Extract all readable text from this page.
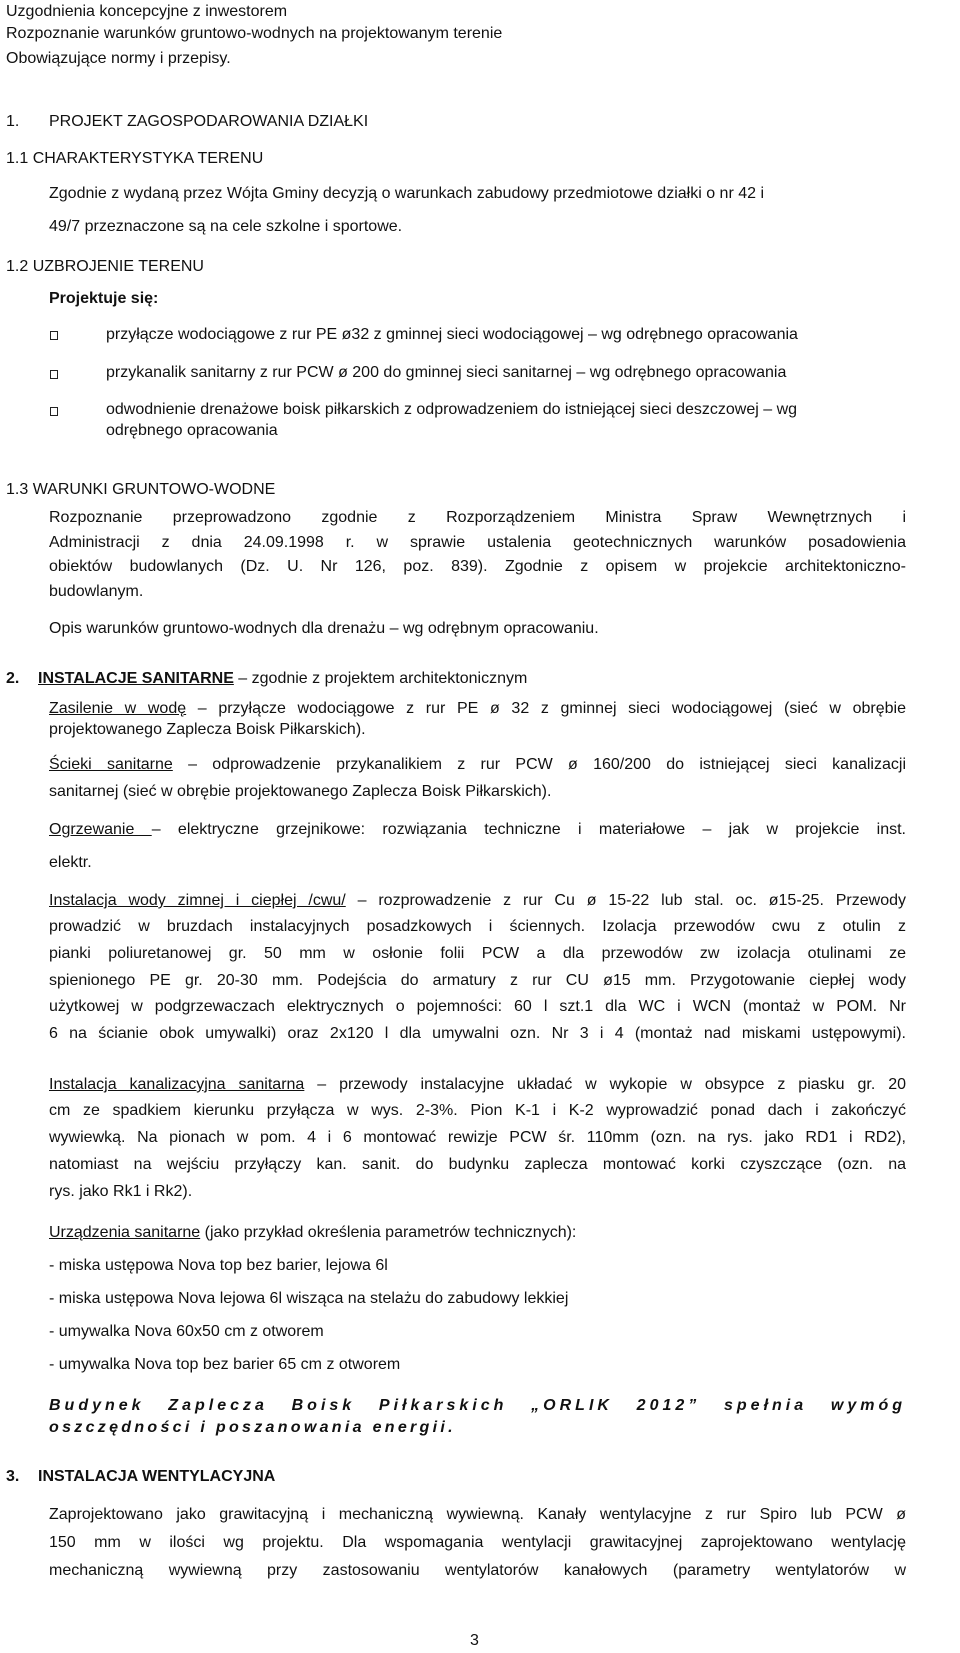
Uzgodnienia koncepcyjne z inwestorem
Rozpoznanie warunków gruntowo-wodnych na projektowanym terenie
Obowiązujące normy i przepisy.
1. PROJEKT ZAGOSPODAROWANIA DZIAŁKI
1.1 CHARAKTERYSTYKA TERENU
Zgodnie z wydaną przez Wójta Gminy decyzją o warunkach zabudowy przedmiotowe działki o nr 42 i
49/7 przeznaczone są na cele szkolne i sportowe.
1.2 UZBROJENIE TERENU
Projektuje się:
przyłącze wodociągowe z rur PE ø32 z gminnej sieci wodociągowej – wg odrębnego opracowania
przykanalik sanitarny z rur PCW ø 200 do gminnej sieci sanitarnej – wg odrębnego opracowania
odwodnienie drenażowe boisk piłkarskich z odprowadzeniem do istniejącej sieci deszczowej – wg
odrębnego opracowania
1.3 WARUNKI GRUNTOWO-WODNE
Rozpoznanie przeprowadzono zgodnie z Rozporządzeniem Ministra Spraw Wewnętrznych i
Administracji z dnia 24.09.1998 r. w sprawie ustalenia geotechnicznych warunków posadowienia
obiektów budowlanych (Dz. U. Nr 126, poz. 839). Zgodnie z opisem w projekcie architektoniczno-
budowlanym.
Opis warunków gruntowo-wodnych dla drenażu – wg odrębnym opracowaniu.
2. INSTALACJE SANITARNE – zgodnie z projektem architektonicznym
Zasilenie w wodę – przyłącze wodociągowe z rur PE ø 32 z gminnej sieci wodociągowej (sieć w obrębie
projektowanego Zaplecza Boisk Piłkarskich).
Ścieki sanitarne – odprowadzenie przykanalikiem z rur PCW ø 160/200 do istniejącej sieci kanalizacji
sanitarnej (sieć w obrębie projektowanego Zaplecza Boisk Piłkarskich).
Ogrzewanie – elektryczne grzejnikowe: rozwiązania techniczne i materiałowe – jak w projekcie inst.
elektr.
Instalacja wody zimnej i ciepłej /cwu/ – rozprowadzenie z rur Cu ø 15-22 lub stal. oc. ø15-25. Przewody
prowadzić w bruzdach instalacyjnych posadzkowych i ściennych. Izolacja przewodów cwu z otulin z
pianki poliuretanowej gr. 50 mm w osłonie folii PCW a dla przewodów zw izolacja otulinami ze
spienionego PE gr. 20-30 mm. Podejścia do armatury z rur CU ø15 mm. Przygotowanie ciepłej wody
użytkowej w podgrzewaczach elektrycznych o pojemności: 60 l szt.1 dla WC i WCN (montaż w POM. Nr
6 na ścianie obok umywalki) oraz 2x120 l dla umywalni ozn. Nr 3 i 4 (montaż nad miskami ustępowymi).
Instalacja kanalizacyjna sanitarna – przewody instalacyjne układać w wykopie w obsypce z piasku gr. 20
cm ze spadkiem kierunku przyłącza w wys. 2-3%. Pion K-1 i K-2 wyprowadzić ponad dach i zakończyć
wywiewką. Na pionach w pom. 4 i 6 montować rewizje PCW śr. 110mm (ozn. na rys. jako RD1 i RD2),
natomiast na wejściu przyłączy kan. sanit. do budynku zaplecza montować korki czyszczące (ozn. na
rys. jako Rk1 i Rk2).
Urządzenia sanitarne (jako przykład określenia parametrów technicznych):
- miska ustępowa Nova top bez barier, lejowa 6l
- miska ustępowa Nova lejowa 6l wisząca na stelażu do zabudowy lekkiej
- umywalka Nova 60x50 cm z otworem
- umywalka Nova top bez barier 65 cm z otworem
Budynek Zaplecza Boisk Piłkarskich „ORLIK 2012” spełnia wymóg
oszczędności i poszanowania energii.
3. INSTALACJA WENTYLACYJNA
Zaprojektowano jako grawitacyjną i mechaniczną wywiewną. Kanały wentylacyjne z rur Spiro lub PCW ø
150 mm w ilości wg projektu. Dla wspomagania wentylacji grawitacyjnej zaprojektowano wentylację
mechaniczną wywiewną przy zastosowaniu wentylatorów kanałowych (parametry wentylatorów w
3
